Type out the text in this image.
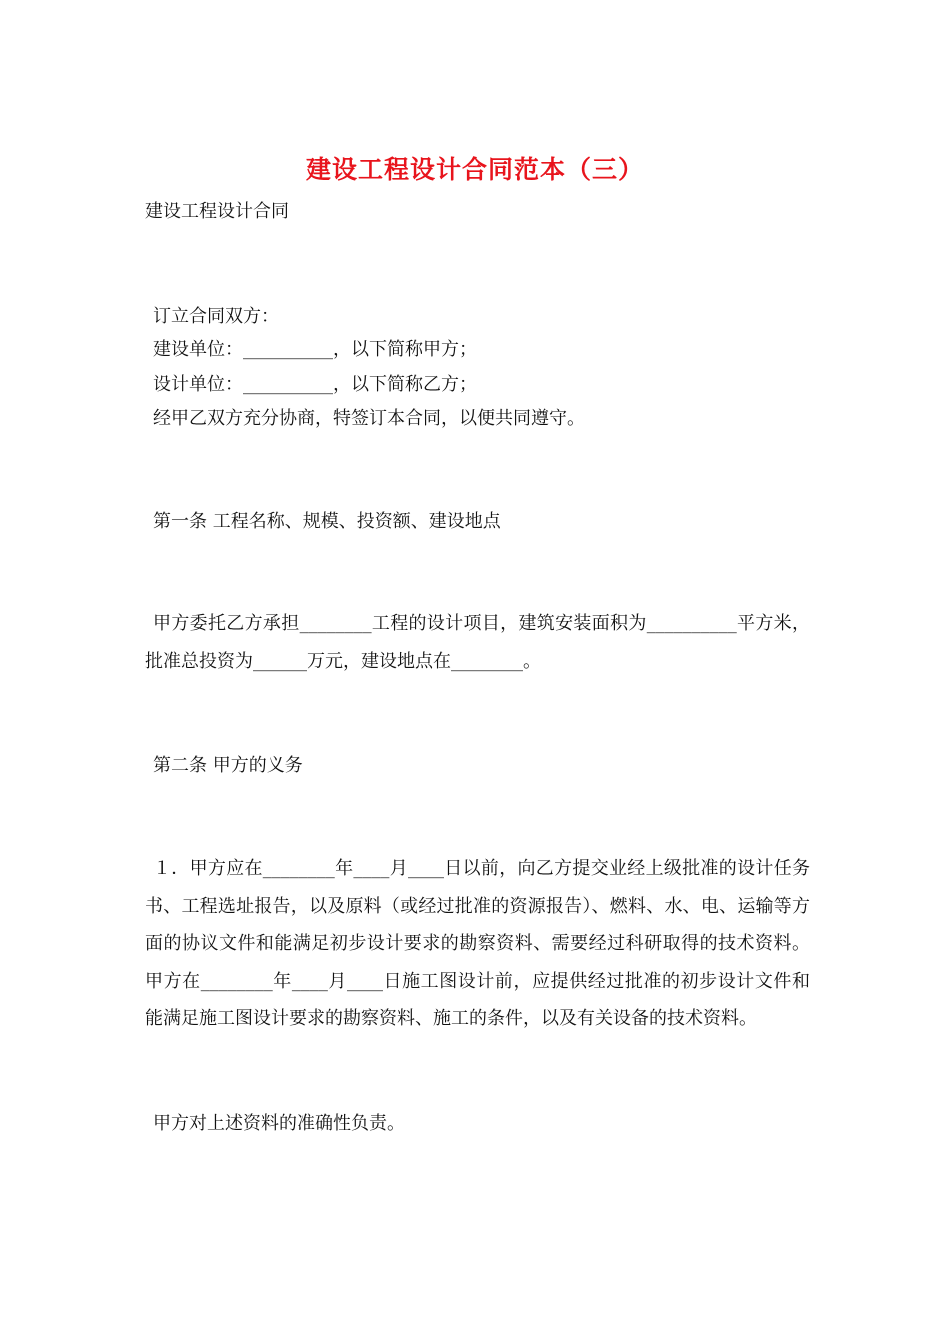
建设工程设计合同范本（三）
建设工程设计合同
订立合同双方：
建设单位：__________，以下简称甲方；
设计单位：__________，以下简称乙方；
经甲乙双方充分协商，特签订本合同，以便共同遵守。
第一条 工程名称、规模、投资额、建设地点
甲方委托乙方承担________工程的设计项目，建筑安装面积为__________平方米，批准总投资为______万元，建设地点在________。
第二条 甲方的义务
１．甲方应在________年____月____日以前，向乙方提交业经上级批准的设计任务书、工程选址报告，以及原料（或经过批准的资源报告）、燃料、水、电、运输等方面的协议文件和能满足初步设计要求的勘察资料、需要经过科研取得的技术资料。甲方在________年____月____日施工图设计前，应提供经过批准的初步设计文件和能满足施工图设计要求的勘察资料、施工的条件，以及有关设备的技术资料。
甲方对上述资料的准确性负责。
